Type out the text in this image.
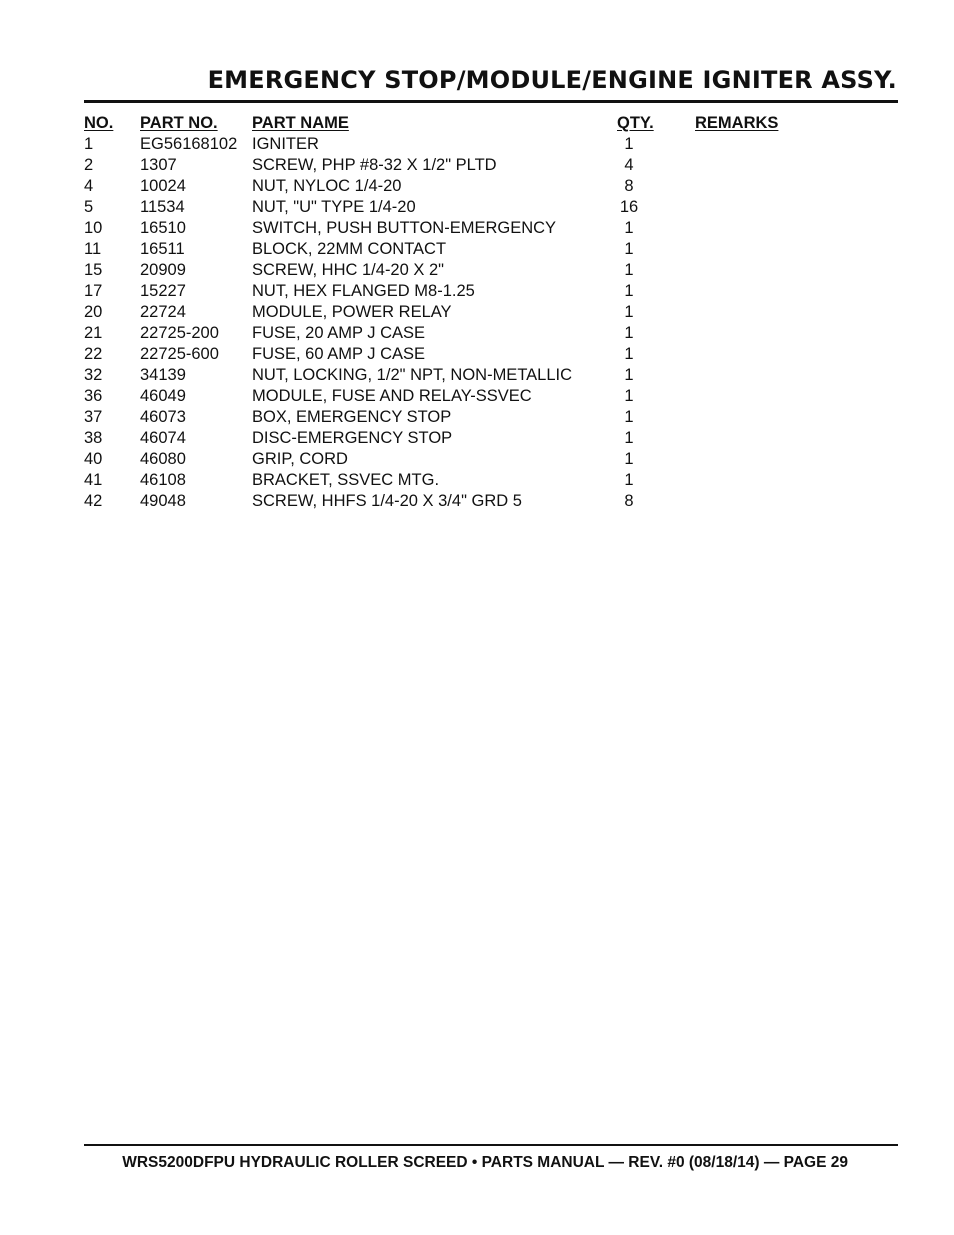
EMERGENCY STOP/MODULE/ENGINE IGNITER ASSY.
NO.	PART NO.	PART NAME	QTY.	REMARKS
1	EG56168102	IGNITER	1	
2	1307	SCREW, PHP #8-32 X 1/2" PLTD	4	
4	10024	NUT, NYLOC 1/4-20	8	
5	11534	NUT, "U" TYPE 1/4-20	16	
10	16510	SWITCH, PUSH BUTTON-EMERGENCY	1	
11	16511	BLOCK, 22MM CONTACT	1	
15	20909	SCREW, HHC 1/4-20 X 2"	1	
17	15227	NUT, HEX FLANGED M8-1.25	1	
20	22724	MODULE, POWER RELAY	1	
21	22725-200	FUSE, 20 AMP J CASE	1	
22	22725-600	FUSE, 60 AMP J CASE	1	
32	34139	NUT, LOCKING, 1/2" NPT, NON-METALLIC	1	
36	46049	MODULE, FUSE AND RELAY-SSVEC	1	
37	46073	BOX, EMERGENCY STOP	1	
38	46074	DISC-EMERGENCY STOP	1	
40	46080	GRIP, CORD	1	
41	46108	BRACKET, SSVEC MTG.	1	
42	49048	SCREW, HHFS 1/4-20 X 3/4" GRD 5	8	
WRS5200DFPU HYDRAULIC ROLLER SCREED • PARTS MANUAL — REV. #0 (08/18/14) — PAGE 29
